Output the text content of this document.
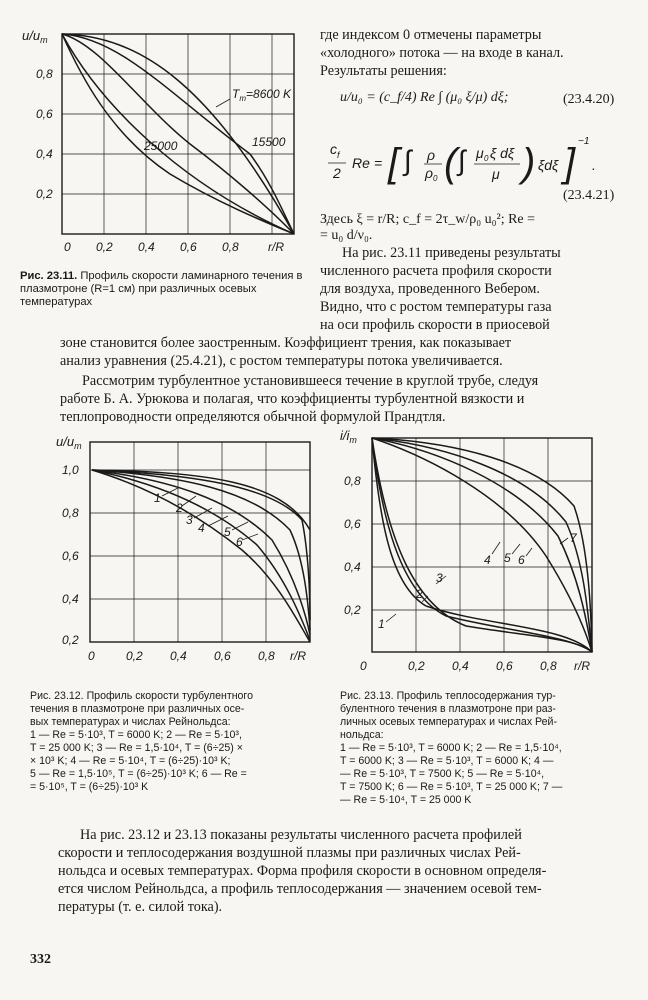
$u/u_m$
0,8
0,6
0,4
0,2
0 0,2 0,4 0,6 0,8 r/R
$T_m=8600$ K
15500
25000
Рис. 23.11. Профиль скорости ламинарного течения в плазмотроне (R=1 см) при различных осевых температурах
где индексом 0 отмечены параметры
«холодного» потока — на входе в канал.
Результаты решения:
u/u₀ = (c_f/4) Re ∫ (μ₀ ξ/μ) dξ;	(23.4.20)
c f
2
Re = [ ∫ ρ
ρ 0 ( ∫ μ 0 ξ dξ
μ ) ξdξ ] −1
.
(23.4.21)
Здесь ξ = r/R; c_f = 2τ_w/ρ₀ u₀²; Re =
= u₀ d/ν₀.
На рис. 23.11 приведены результаты
численного расчета профиля скорости
для воздуха, проведенного Вебером.
Видно, что с ростом температуры газа
на оси профиль скорости в приосевой
зоне становится более заостренным. Коэффициент трения, как показывает
анализ уравнения (25.4.21), с ростом температуры потока увеличивается.
Рассмотрим турбулентное установившееся течение в круглой трубе, следуя
работе Б. А. Урюкова и полагая, что коэффициенты турбулентной вязкости и
теплопроводности определяются обычной формулой Прандтля.
$u/u_m$
1,0
0,8
0,6
0,4
0,2
0	0,2 0,4 0,6 0,8 r/R
1
2
3
4 5
6
Рис. 23.12. Профиль скорости турбулентного
течения в плазмотроне при различных осе-
вых температурах и числах Рейнольдса:
1 — Re = 5·10³, T = 6000 K; 2 — Re = 5·10³,
T = 25 000 K; 3 — Re = 1,5·10⁴, T = (6÷25) ×
× 10³ K; 4 — Re = 5·10⁴, T = (6÷25)·10³ K;
5 — Re = 1,5·10⁵, T = (6÷25)·10³ K; 6 — Re =
= 5·10⁵, T = (6÷25)·10³ K
$i/i_m$
0,8
0,6
0,4
0,2
0	0,2 0,4 0,6 0,8 r/R
1
2
3
4 5 6
7
Рис. 23.13. Профиль теплосодержания тур-
булентного течения в плазмотроне при раз-
личных осевых температурах и числах Рей-
нольдса:
1 — Re = 5·10³, T = 6000 K; 2 — Re = 1,5·10⁴,
T = 6000 K; 3 — Re = 5·10³, T = 6000 K; 4 —
— Re = 5·10³, T = 7500 K; 5 — Re = 5·10⁴,
T = 7500 K; 6 — Re = 5·10³, T = 25 000 K; 7 —
— Re = 5·10⁴, T = 25 000 K
На рис. 23.12 и 23.13 показаны результаты численного расчета профилей
скорости и теплосодержания воздушной плазмы при различных числах Рей-
нольдса и осевых температурах. Форма профиля скорости в основном определя-
ется числом Рейнольдса, а профиль теплосодержания — значением осевой тем-
пературы (т. е. силой тока).
332
